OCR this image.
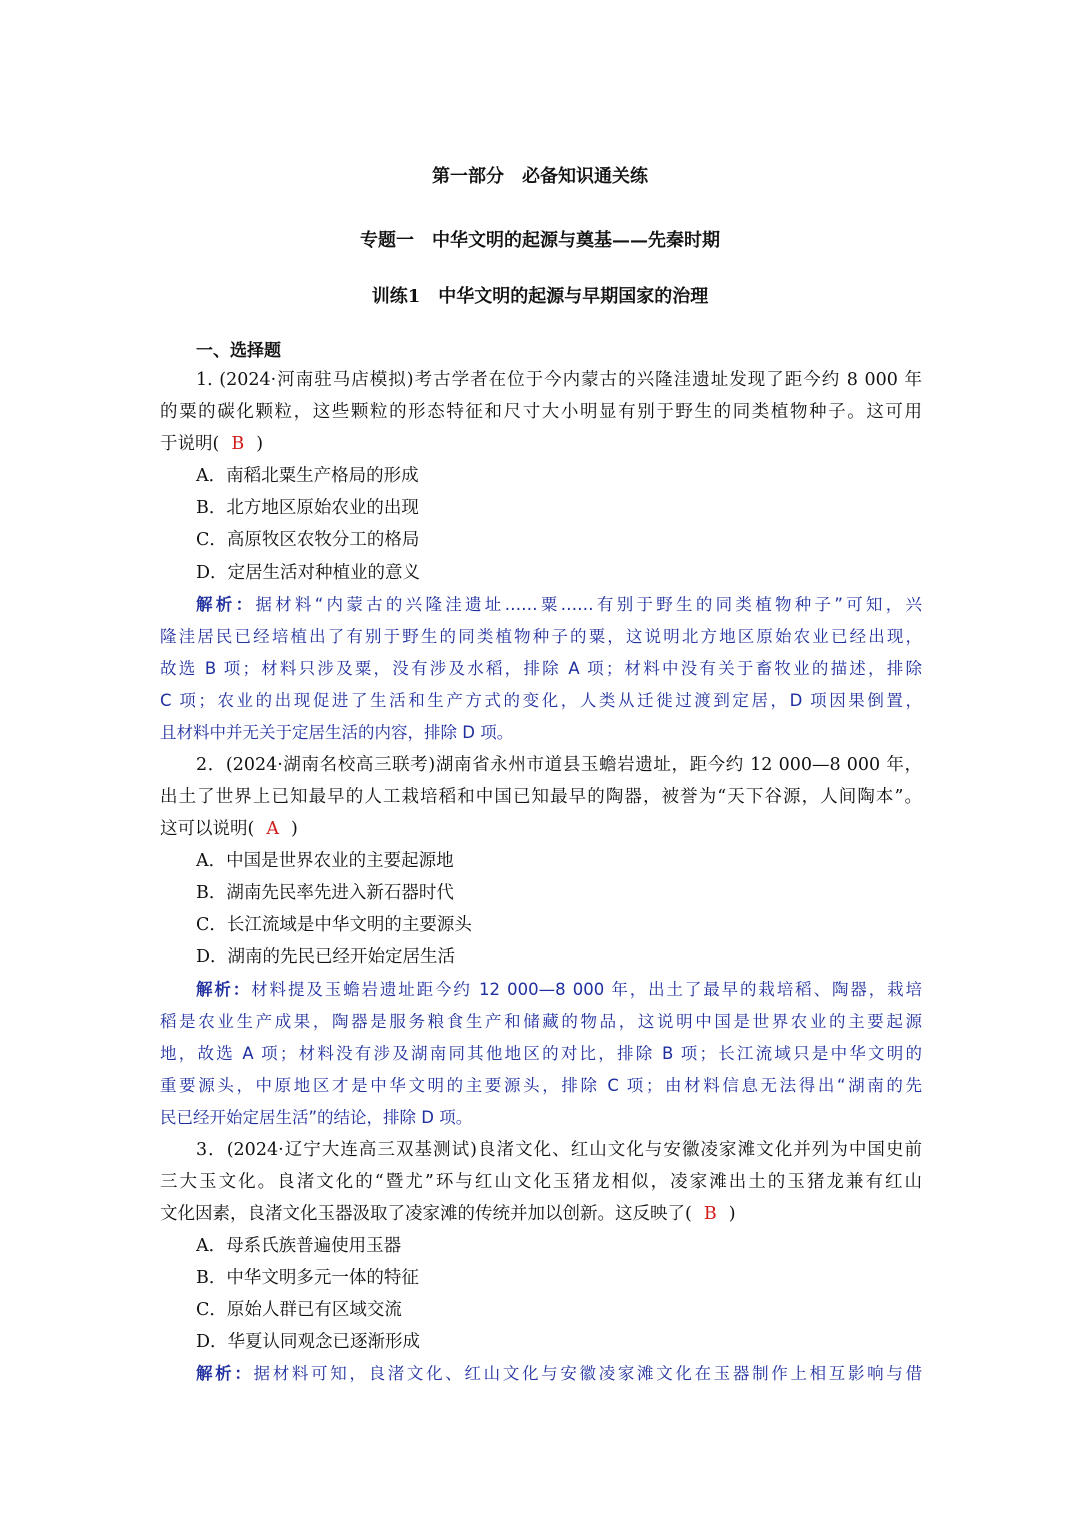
第一部分　必备知识通关练
专题一　中华文明的起源与奠基——先秦时期
训练1　中华文明的起源与早期国家的治理
一、选择题
1. (2024·河南驻马店模拟)考古学者在位于今内蒙古的兴隆洼遗址发现了距今约 8 000 年
的粟的碳化颗粒，这些颗粒的形态特征和尺寸大小明显有别于野生的同类植物种子。这可用
于说明( B )
A．南稻北粟生产格局的形成
B．北方地区原始农业的出现
C．高原牧区农牧分工的格局
D．定居生活对种植业的意义
解析：据材料“内蒙古的兴隆洼遗址……粟……有别于野生的同类植物种子”可知，兴
隆洼居民已经培植出了有别于野生的同类植物种子的粟，这说明北方地区原始农业已经出现，
故选 B 项；材料只涉及粟，没有涉及水稻，排除 A 项；材料中没有关于畜牧业的描述，排除
C 项；农业的出现促进了生活和生产方式的变化，人类从迁徙过渡到定居，D 项因果倒置，
且材料中并无关于定居生活的内容，排除 D 项。
2．(2024·湖南名校高三联考)湖南省永州市道县玉蟾岩遗址，距今约 12 000—8 000 年，
出土了世界上已知最早的人工栽培稻和中国已知最早的陶器，被誉为“天下谷源，人间陶本”。
这可以说明( A )
A．中国是世界农业的主要起源地
B．湖南先民率先进入新石器时代
C．长江流域是中华文明的主要源头
D．湖南的先民已经开始定居生活
解析：材料提及玉蟾岩遗址距今约 12 000—8 000 年，出土了最早的栽培稻、陶器，栽培
稻是农业生产成果，陶器是服务粮食生产和储藏的物品，这说明中国是世界农业的主要起源
地，故选 A 项；材料没有涉及湖南同其他地区的对比，排除 B 项；长江流域只是中华文明的
重要源头，中原地区才是中华文明的主要源头，排除 C 项；由材料信息无法得出“湖南的先
民已经开始定居生活”的结论，排除 D 项。
3．(2024·辽宁大连高三双基测试)良渚文化、红山文化与安徽凌家滩文化并列为中国史前
三大玉文化。良渚文化的“暨尤”环与红山文化玉猪龙相似，凌家滩出土的玉猪龙兼有红山
文化因素，良渚文化玉器汲取了凌家滩的传统并加以创新。这反映了( B )
A．母系氏族普遍使用玉器
B．中华文明多元一体的特征
C．原始人群已有区域交流
D．华夏认同观念已逐渐形成
解析：据材料可知，良渚文化、红山文化与安徽凌家滩文化在玉器制作上相互影响与借
